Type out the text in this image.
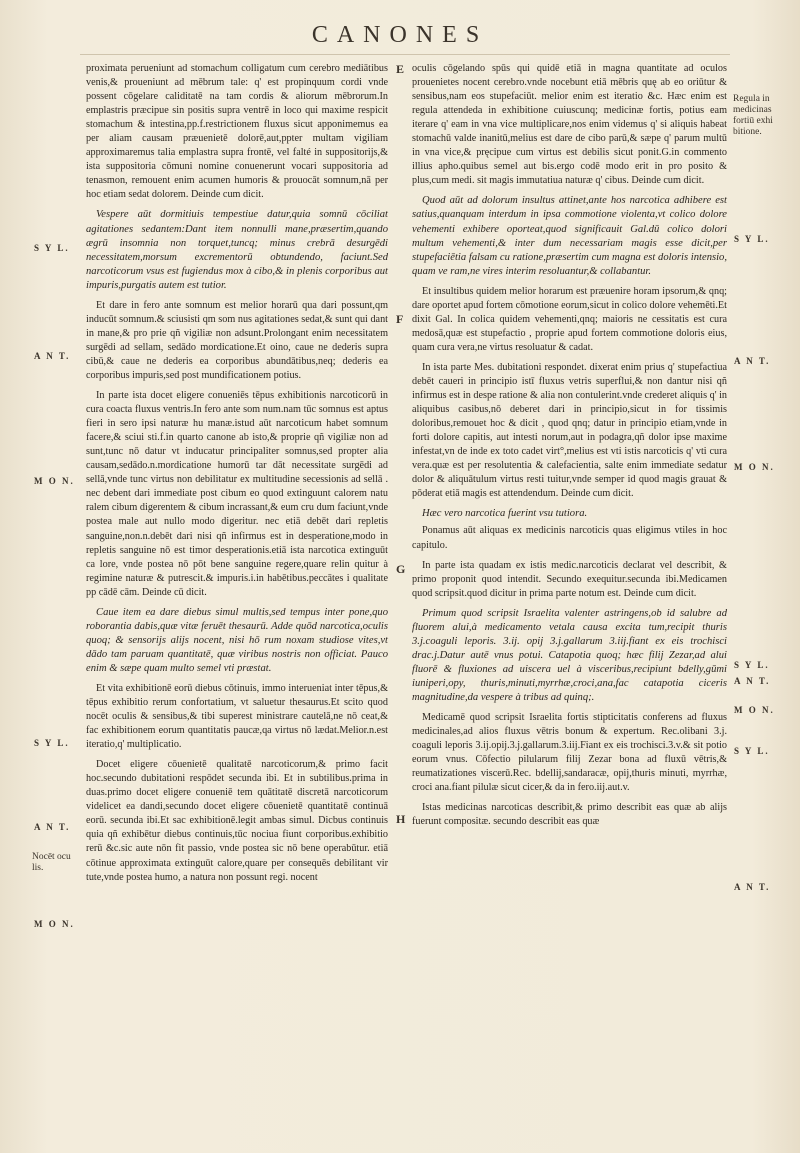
CANONES
S Y L.
A N T.
M O N.
S Y L.
A N T.
Nocēt ocu lis.
M O N.
Regula in medicinas fortiū exhi bitione.
S Y L.
A N T.
M O N.
S Y L.
A N T.
M O N.
S Y L.
A N T.
E
F
G
H

proximata perueniunt ad stomachum colligatum cum cerebro mediātibus venis,& proueniunt ad mēbrum tale: q' est propinquum cordi vnde possent cōgelare caliditatē na tam cordis & aliorum mēbrorum.In emplastris præcipue sin positis supra ventrē in loco qui maxime respicit stomachum & intestina,pp.f.restrictionem fluxus sicut apponimemus ea per aliam causam præuenietē dolorē,aut,ppter multam vigiliam approximaremus talia emplastra supra frontē, vel falté in suppositorijs,& ista suppositoria cōmuni nomine conuenerunt vocari suppositoria ad tenasmon, remouent enim acumen humoris & prouocāt somnum,nā per hoc etiam sedat dolorem. Deinde cum dicit.

Vespere aūt dormitiuis tempestiue datur,quia somnū cōciliat agitationes sedantem:Dant item nonnulli mane,præsertim,quando ægrū insomnia non torquet,tuncq; minus crebrā desurgēdi necessitatem,morsum excrementorū obtundendo, faciunt.Sed narcoticorum vsus est fugiendus mox à cibo,& in plenis corporibus aut impuris,purgatis autem est tutior.

Et dare in fero ante somnum est melior horarū qua dari possunt,qm inducūt somnum.& sciusisti qm som nus agitationes sedat,& sunt qui dant in mane,& pro prie qñ vigiliæ non adsunt.Prolongant enim necessitatem surgēdi ad sellam, sedādo mordicatione.Et oino, caue ne dederis supra cibū,& caue ne dederis ea corporibus abundātibus,neq; dederis ea corporibus impuris,sed post mundificationem potius.

In parte ista docet eligere conueniēs tēpus exhibitionis narcoticorū in cura coacta fluxus ventris.In fero ante som num.nam tūc somnus est aptus fieri in sero ipsi naturæ hu manæ.istud aūt narcoticum habet somnum facere,& sciui sti.f.in quarto canone ab isto,& proprie qñ vigiliæ non ad sunt,tunc nō datur vt inducatur principaliter somnus,sed propter alia causam,sedādo.n.mordicatione humorū tar dāt necessitate surgēdi ad sellā,vnde tunc virtus non debilitatur ex multitudine secessionis ad sellā . nec debent dari immediate post cibum eo quod extinguunt calorem natu ralem cibum digerentem & cibum incrassant,& eum cru dum faciunt,vnde postea male aut nullo modo digeritur. nec etiā debēt dari repletis sanguine,non.n.debēt dari nisi qñ infirmus est in desperatione,modo in repletis sanguine nō est timor desperationis.etiā ista narcotica extinguūt ca lore, vnde postea nō pōt bene sanguine regere,quare relin quitur à regimine naturæ & putrescit.& impuris.i.in habētibus.peccātes i qualitate pp cādē cām. Deinde cū dicit.

Caue item ea dare diebus simul multis,sed tempus inter pone,quo roborantia dabis,quæ vitæ feruēt thesaurū. Adde quōd narcotica,oculis quoq; & sensorijs alijs nocent, nisi hō rum noxam studiose vites,vt dādo tam paruam quantitatē, quæ viribus nostris non officiat. Pauco enim & sæpe quam multo semel vti præstat.

Et vita exhibitionē eorū diebus cōtinuis, immo interueniat inter tēpus,& tēpus exhibitio rerum confortatium, vt saluetur thesaurus.Et scito quod nocēt oculis & sensibus,& tibi superest ministrare cautelā,ne nō ceat,& fac exhibitionem eorum quantitatis paucæ,qa virtus nō lædat.Melior.n.est iteratio,q' multiplicatio.

Docet eligere cōuenietē qualitatē narcoticorum,& primo facit hoc.secundo dubitationi respōdet secunda ibi. Et in subtilibus.prima in duas.primo docet eligere conueniē tem quātitatē discretā narcoticorum videlicet ea dandi,secundo docet eligere cōuenietē quantitatē continuā eorū. secunda ibi.Et sac exhibitionē.legit ambas simul. Dicbus continuis quia qñ exhibētur diebus continuis,tūc nociua fiunt corporibus.exhibitio rerū &c.sic aute nōn fit passio, vnde postea sic nō bene operabūtur. etiā cōtinue approximata extinguūt calore,quare per consequēs debilitant vir tute,vnde postea humo, a natura non possunt regi. nocent

oculis cōgelando spūs qui quidē etiā in magna quantitate ad oculos prouenietes nocent cerebro.vnde nocebunt etiā mēbris quę ab eo oriūtur & sensibus,nam eos stupefaciūt. melior enim est iteratio &c. Hæc enim est regula attendeda in exhibitione cuiuscunq; medicinæ fortis, potius eam iterare q' eam in vna vice multiplicare,nos enim videmus q' si aliquis habeat stomachū valde inanitū,melius est dare de cibo parū,& sæpe q' parum multū in vna vice,& pręcipue cum virtus est debilis sicut ponit.G.in commento illius apho.quibus semel aut bis.ergo codē modo erit in pro posito & plus,cum medi. sit magis immutatiua naturæ q' cibus. Deinde cum dicit.

Quod aūt ad dolorum insultus attinet,ante hos narcotica adhibere est satius,quanquam interdum in ipsa commotione violenta,vt colico dolore vehementi exhibere oporteat,quod significauit Gal.dū colico dolori multum vehementi,& inter dum necessariam magis esse dicit,per stupefaciētia falsam cu ratione,præsertim cum magna est doloris intensio, quam ve ram,ne vires interim resoluantur,& collabantur.

Et insultibus quidem melior horarum est præuenire horam ipsorum,& qnq; dare oportet apud fortem cōmotione eorum,sicut in colico dolore vehemēti.Et dixit Gal. In colica quidem vehementi,qnq; maioris ne cessitatis est cura medosā,quæ est stupefactio , proprie apud fortem commotione doloris eius, quam cura vera,ne virtus resoluatur & cadat.

In ista parte Mes. dubitationi respondet. dixerat enim prius q' stupefactiua debēt caueri in principio istī fluxus vetris superflui,& non dantur nisi qñ infirmus est in despe ratione & alia non contulerint.vnde crederet aliquis q' in aliquibus casibus,nō deberet dari in principio,sicut in for tissimis doloribus,remouet hoc & dicit , quod qnq; datur in principio etiam,vnde in forti dolore capitis, aut intesti norum,aut in podagra,qñ dolor ipse maxime infestat,vn de inde ex toto cadet virt°,melius est vti istis narcoticis q' vti cura vera.quæ est per resolutentia & calefacientia, salte enim immediate sedatur dolor & aliquātulum virtus resti tuitur,vnde semper id quod magis grauat & pōderat etiā magis est attendendum. Deinde cum dicit.

Hæc vero narcotica fuerint vsu tutiora.

Ponamus aūt aliquas ex medicinis narcoticis quas eligimus vtiles in hoc capitulo.

In parte ista quadam ex istis medic.narcoticis declarat vel describit, & primo proponit quod intendit. Secundo exequitur.secunda ibi.Medicamen quod scripsit.quod dicitur in prima parte notum est. Deinde cum dicit.

Primum quod scripsit Israelita valenter astringens,ob id salubre ad fluorem alui,à medicamento vetala causa excita tum,recipit thuris 3.j.coaguli leporis. 3.ij. opij 3.j.gallarum 3.iij.fiant ex eis trochisci drac.j.Datur autē vnus potui. Catapotia quoq; hæc filij Zezar,ad alui fluorē & fluxiones ad uiscera uel à visceribus,recipiunt bdelly,gūmi iuniperi,opy, thuris,minuti,myrrhæ,croci,ana,fac catapotia ciceris magnitudine,da vespere à tribus ad quinq;.

Medicamē quod scripsit Israelita fortis stipticitatis conferens ad fluxus medicinales,ad alios fluxus vētris bonum & expertum. Rec.olibani 3.j. coaguli leporis 3.ij.opij.3.j.gallarum.3.iij.Fiant ex eis trochisci.3.v.& sit potio eorum vnus. Cōfectio pilularum filij Zezar bona ad fluxū vētris,& reumatizationes viscerū.Rec. bdellij,sandaracæ, opij,thuris minuti, myrrhæ, croci ana.fiant pilulæ sicut cicer,& da in fero.iij.aut.v.

Istas medicinas narcoticas describit,& primo describit eas quæ ab alijs fuerunt compositæ. secundo describit eas quæ
